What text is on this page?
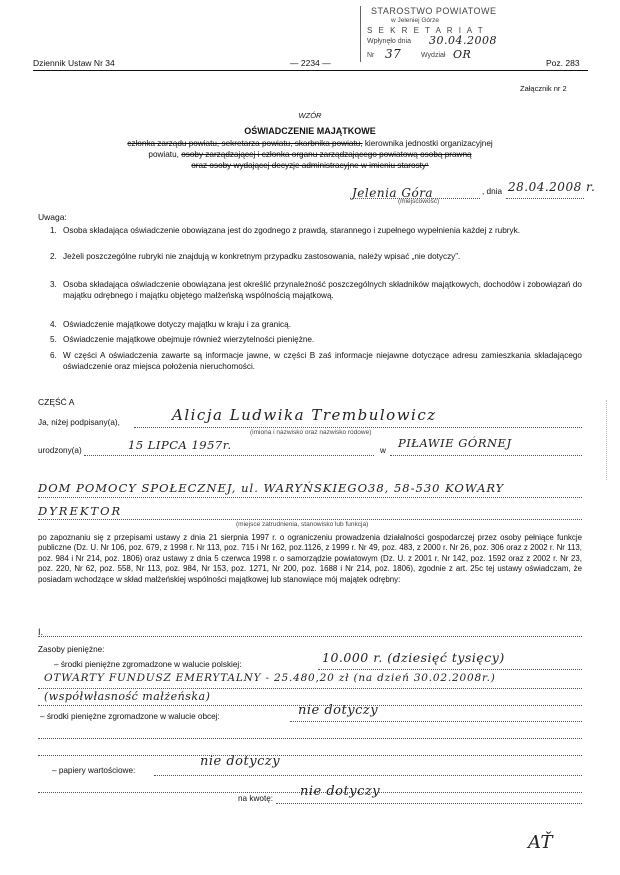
STAROSTWO POWIATOWE
w Jeleniej Górze
S E K R E T A R I A T
Wpłynęło dnia 30.04.2008
Nr 37	Wydział OR
Dziennik Ustaw Nr 34	— 2234 —	Poz. 283
Załącznik nr 2
WZÓR
OŚWIADCZENIE MAJĄTKOWE
członka zarządu powiatu, sekretarza powiatu, skarbnika powiatu, kierownika jednostki organizacyjnej
powiatu, osoby zarządzającej i członka organu zarządzającego powiatową osobą prawną
oraz osoby wydającej decyzje administracyjne w imieniu starosty¹
Jelenia Góra	, dnia 28.04.2008 r.
(miejscowość)
Uwaga:
1. Osoba składająca oświadczenie obowiązana jest do zgodnego z prawdą, starannego i zupełnego wypełnienia każdej z rubryk.
2. Jeżeli poszczególne rubryki nie znajdują w konkretnym przypadku zastosowania, należy wpisać „nie dotyczy”.
3. Osoba składająca oświadczenie obowiązana jest określić przynależność poszczególnych składników majątkowych, dochodów i zobowiązań do majątku odrębnego i majątku objętego małżeńską wspólnością majątkową.
4. Oświadczenie majątkowe dotyczy majątku w kraju i za granicą.
5. Oświadczenie majątkowe obejmuje również wierzytelności pieniężne.
6. W części A oświadczenia zawarte są informacje jawne, w części B zaś informacje niejawne dotyczące adresu zamieszkania składającego oświadczenie oraz miejsca położenia nieruchomości.
CZĘŚĆ A
Ja, niżej podpisany(a),	Alicja Ludwika Trembulowicz
(imiona i nazwisko oraz nazwisko rodowe)
urodzony(a)	15 LIPCA 1957r.	w
PIŁAWIE GÓRNEJ
DOM POMOCY SPOŁECZNEJ, ul. WARYŃSKIEGO38, 58-530 KOWARY
DYREKTOR
(miejsce zatrudnienia, stanowisko lub funkcja)
po zapoznaniu się z przepisami ustawy z dnia 21 sierpnia 1997 r. o ograniczeniu prowadzenia działalności gospodarczej przez osoby pełniące funkcje publiczne (Dz. U. Nr 106, poz. 679, z 1998 r. Nr 113, poz. 715 i Nr 162, poz.1126, z 1999 r. Nr 49, poz. 483, z 2000 r. Nr 26, poz. 306 oraz z 2002 r. Nr 113, poz. 984 i Nr 214, poz. 1806) oraz ustawy z dnia 5 czerwca 1998 r. o samorządzie powiatowym (Dz. U. z 2001 r. Nr 142, poz. 1592 oraz z 2002 r. Nr 23, poz. 220, Nr 62, poz. 558, Nr 113, poz. 984, Nr 153, poz. 1271, Nr 200, poz. 1688 i Nr 214, poz. 1806), zgodnie z art. 25c tej ustawy oświadczam, że posiadam wchodzące w skład małżeńskiej wspólności majątkowej lub stanowiące mój majątek odrębny:
I.
Zasoby pieniężne:
– środki pieniężne zgromadzone w walucie polskiej:	10.000 r. (dziesięć tysięcy)
OTWARTY FUNDUSZ EMERYTALNY - 25.480,20 zł (na dzień 30.02.2008r.)
(współwłasność małżeńska)
– środki pieniężne zgromadzone w walucie obcej:	nie dotyczy
– papiery wartościowe:
nie dotyczy
na kwotę: nie dotyczy
AŤ
